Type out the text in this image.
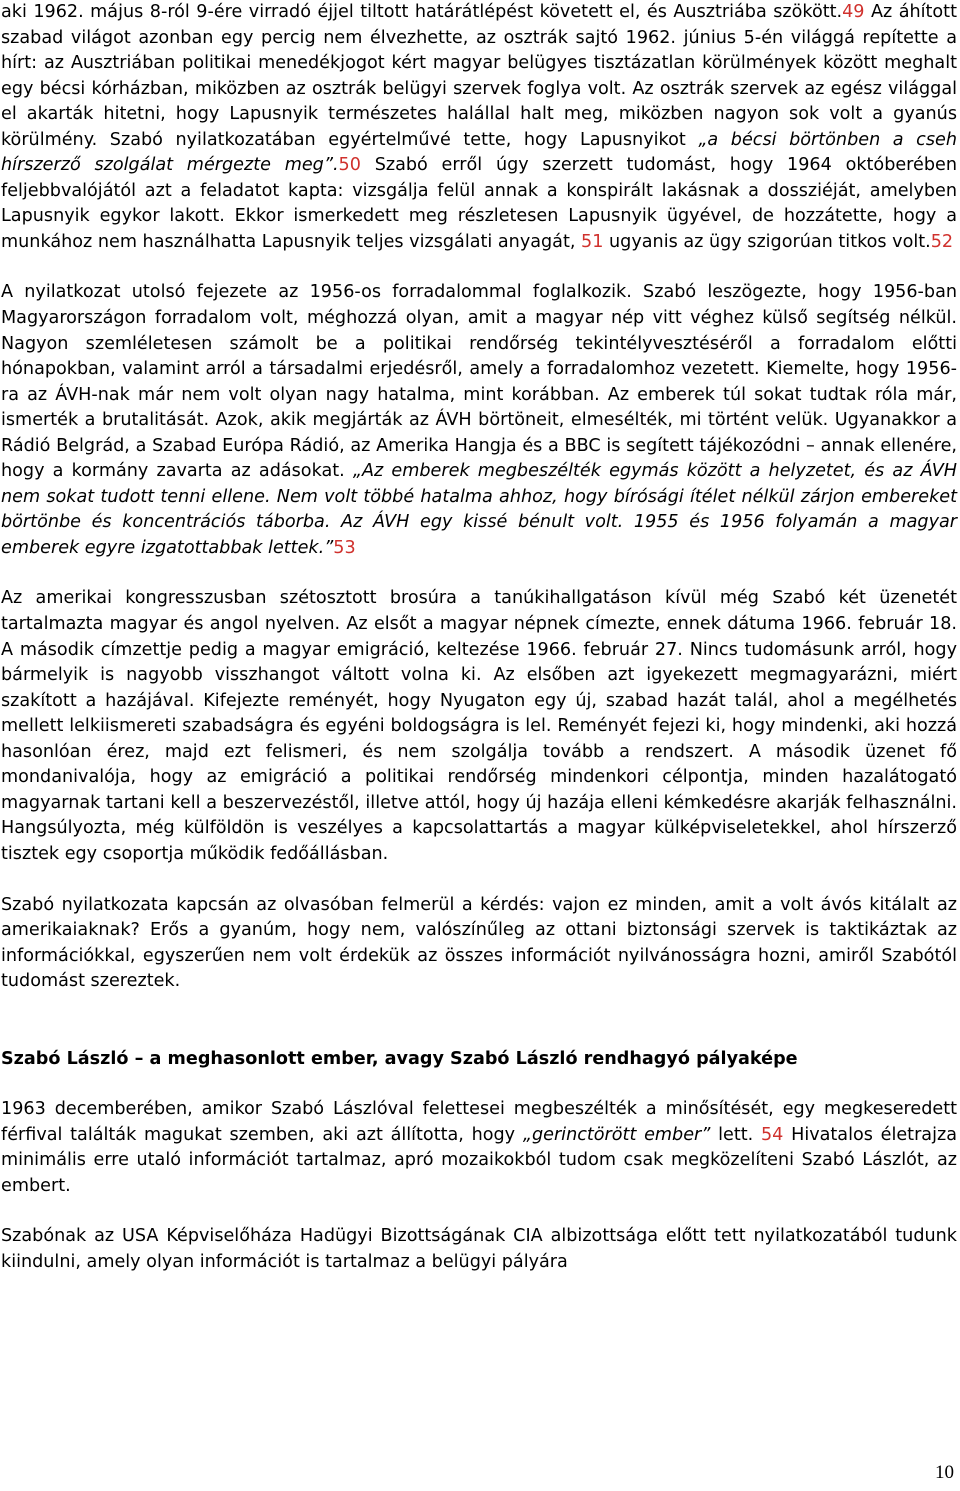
aki 1962. május 8-ról 9-ére virradó éjjel tiltott határátlépést követett el, és Ausztriába szökött.49 Az áhított szabad világot azonban egy percig nem élvezhette, az osztrák sajtó 1962. június 5-én világgá repítette a hírt: az Ausztriában politikai menedékjogot kért magyar belügyes tisztázatlan körülmények között meghalt egy bécsi kórházban, miközben az osztrák belügyi szervek foglya volt. Az osztrák szervek az egész világgal el akarták hitetni, hogy Lapusnyik természetes halállal halt meg, miközben nagyon sok volt a gyanús körülmény. Szabó nyilatkozatában egyértelművé tette, hogy Lapusnyikot „a bécsi börtönben a cseh hírszerző szolgálat mérgezte meg”.50 Szabó erről úgy szerzett tudomást, hogy 1964 októberében feljebbvalójától azt a feladatot kapta: vizsgálja felül annak a konspirált lakásnak a dossziéját, amelyben Lapusnyik egykor lakott. Ekkor ismerkedett meg részletesen Lapusnyik ügyével, de hozzátette, hogy a munkához nem használhatta Lapusnyik teljes vizsgálati anyagát, 51 ugyanis az ügy szigorúan titkos volt.52

A nyilatkozat utolsó fejezete az 1956-os forradalommal foglalkozik. Szabó leszögezte, hogy 1956-ban Magyarországon forradalom volt, méghozzá olyan, amit a magyar nép vitt véghez külső segítség nélkül. Nagyon szemléletesen számolt be a politikai rendőrség tekintélyvesztéséről a forradalom előtti hónapokban, valamint arról a társadalmi erjedésről, amely a forradalomhoz vezetett. Kiemelte, hogy 1956-ra az ÁVH-nak már nem volt olyan nagy hatalma, mint korábban. Az emberek túl sokat tudtak róla már, ismerték a brutalitását. Azok, akik megjárták az ÁVH börtöneit, elmesélték, mi történt velük. Ugyanakkor a Rádió Belgrád, a Szabad Európa Rádió, az Amerika Hangja és a BBC is segített tájékozódni – annak ellenére, hogy a kormány zavarta az adásokat. „Az emberek megbeszélték egymás között a helyzetet, és az ÁVH nem sokat tudott tenni ellene. Nem volt többé hatalma ahhoz, hogy bírósági ítélet nélkül zárjon embereket börtönbe és koncentrációs táborba. Az ÁVH egy kissé bénult volt. 1955 és 1956 folyamán a magyar emberek egyre izgatottabbak lettek.”53

Az amerikai kongresszusban szétosztott brosúra a tanúkihallgatáson kívül még Szabó két üzenetét tartalmazta magyar és angol nyelven. Az elsőt a magyar népnek címezte, ennek dátuma 1966. február 18. A második címzettje pedig a magyar emigráció, keltezése 1966. február 27. Nincs tudomásunk arról, hogy bármelyik is nagyobb visszhangot váltott volna ki. Az elsőben azt igyekezett megmagyarázni, miért szakított a hazájával. Kifejezte reményét, hogy Nyugaton egy új, szabad hazát talál, ahol a megélhetés mellett lelkiismereti szabadságra és egyéni boldogságra is lel. Reményét fejezi ki, hogy mindenki, aki hozzá hasonlóan érez, majd ezt felismeri, és nem szolgálja tovább a rendszert. A második üzenet fő mondanivalója, hogy az emigráció a politikai rendőrség mindenkori célpontja, minden hazalátogató magyarnak tartani kell a beszervezéstől, illetve attól, hogy új hazája elleni kémkedésre akarják felhasználni. Hangsúlyozta, még külföldön is veszélyes a kapcsolattartás a magyar külképviseletekkel, ahol hírszerző tisztek egy csoportja működik fedőállásban.

Szabó nyilatkozata kapcsán az olvasóban felmerül a kérdés: vajon ez minden, amit a volt ávós kitálalt az amerikaiaknak? Erős a gyanúm, hogy nem, valószínűleg az ottani biztonsági szervek is taktikáztak az információkkal, egyszerűen nem volt érdekük az összes információt nyilvánosságra hozni, amiről Szabótól tudomást szereztek.

Szabó László – a meghasonlott ember, avagy Szabó László rendhagyó pályaképe

1963 decemberében, amikor Szabó Lászlóval felettesei megbeszélték a minősítését, egy megkeseredett férfival találták magukat szemben, aki azt állította, hogy „gerinctörött ember” lett. 54 Hivatalos életrajza minimális erre utaló információt tartalmaz, apró mozaikokból tudom csak megközelíteni Szabó Lászlót, az embert.

Szabónak az USA Képviselőháza Hadügyi Bizottságának CIA albizottsága előtt tett nyilatkozatából tudunk kiindulni, amely olyan információt is tartalmaz a belügyi pályára

10
